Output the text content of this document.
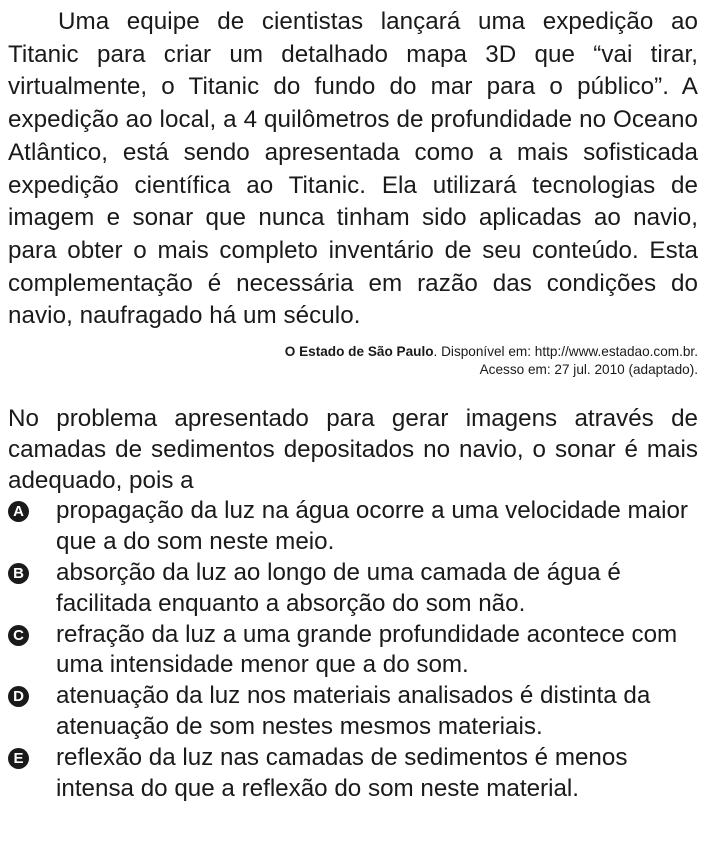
Uma equipe de cientistas lançará uma expedição ao Titanic para criar um detalhado mapa 3D que “vai tirar, virtualmente, o Titanic do fundo do mar para o público”. A expedição ao local, a 4 quilômetros de profundidade no Oceano Atlântico, está sendo apresentada como a mais sofisticada expedição científica ao Titanic. Ela utilizará tecnologias de imagem e sonar que nunca tinham sido aplicadas ao navio, para obter o mais completo inventário de seu conteúdo. Esta complementação é necessária em razão das condições do navio, naufragado há um século.

O Estado de São Paulo. Disponível em: http://www.estadao.com.br.
Acesso em: 27 jul. 2010 (adaptado).

No problema apresentado para gerar imagens através de camadas de sedimentos depositados no navio, o sonar é mais adequado, pois a

A propagação da luz na água ocorre a uma velocidade maior que a do som neste meio.
B absorção da luz ao longo de uma camada de água é facilitada enquanto a absorção do som não.
C refração da luz a uma grande profundidade acontece com uma intensidade menor que a do som.
D atenuação da luz nos materiais analisados é distinta da atenuação de som nestes mesmos materiais.
E reflexão da luz nas camadas de sedimentos é menos intensa do que a reflexão do som neste material.
